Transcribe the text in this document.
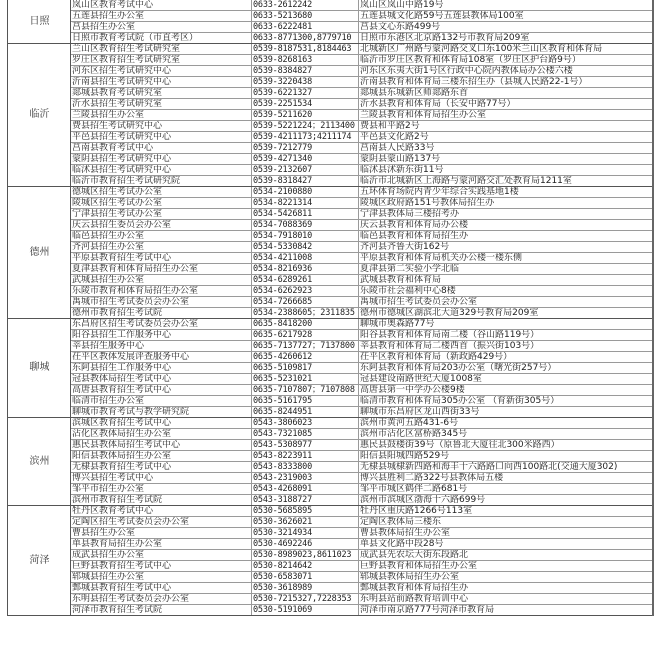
日照	岚山区教育考试中心	0633-2612242	岚山区岚山中路19号
	五莲县招生办公室	0633-5213680	五莲县城文化路59号五莲县教体局100室
	莒县招生办公室	0633-6222481	莒县文心东路499号
	日照市教育考试院（市直考区）	0633-8771300,8779710	日照市东港区北京路132号市教育局209室
临沂	兰山区教育招生考试研究室	0539-8187531,8184463	北城新区广州路与蒙河路交叉口东100米兰山区教育和体育局
	罗庄区教育招生考试研究室	0539-8268163	临沂市罗庄区教育和体育局108室（罗庄区护台路9号）
	河东区招生考试研究中心	0539-8384827	河东区东夷大街1号区行政中心院内教体局办公楼六楼
	沂南县招生考试研究中心	0539-3220438	沂南县教育和体育局三楼东招生办（县城人民路22-1号）
	郯城县教育考试研究室	0539-6221327	郯城县东城新区师郯路东首
	沂水县招生考试研究室	0539-2251534	沂水县教育和体育局（长安中路77号）
	兰陵县招生办公室	0539-5211620	兰陵县教育和体育局招生办公室
	费县招生考试研究中心	0539-5221224；2113400	费县和平路2号
	平邑县招生考试研究中心	0539-4211173;4211174	平邑县文化路2号
	莒南县教育考试中心	0539-7212779	莒南县人民路33号
	蒙阴县招生考试研究中心	0539-4271340	蒙阴县蒙山路137号
	临沭县招生考试研究中心	0539-2132607	临沭县沭新东街11号
	临沂市教育招生考试研究院	0539-8318427	临沂市北城新区上海路与蒙河路交汇处教育局1211室
德州	德城区招生考试办公室	0534-2100880	五环体育场院内青少年综合实践基地1楼
	陵城区招生考试办公室	0534-8221314	陵城区政府路151号教体局招生办
	宁津县招生考试办公室	0534-5426811	宁津县教体局三楼招考办
	庆云县招生委员会办公室	0534-7088369	庆云县教育和体育局办公楼
	临邑县招生办公室	0534-7918010	临邑县教育和体育局招生办
	齐河县招生办公室	0534-5330842	齐河县齐鲁大街162号
	平原县教育招生考试中心	0534-4211008	平原县教育和体育局机关办公楼一楼东侧
	夏津县教育和体育局招生办公室	0534-8216936	夏津县第二实验小学北临
	武城县招生办公室	0534-6289261	武城县教育和体育局
	乐陵市教育和体育局招生办公室	0534-6262923	乐陵市社会福利中心8楼
	禹城市招生考试委员会办公室	0534-7266685	禹城市招生考试委员会办公室
	德州市教育招生考试院	0534-2388605；2311835	德州市德城区湖滨北大道329号教育局209室
聊城	东昌府区招生考试委员会办公室	0635-8418200	聊城市奥森路77号
	阳谷县招生工作服务中心	0635-6217928	阳谷县教育和体育局南二楼（谷山路119号）
	莘县招生服务中心	0635-7137727；7137800	莘县教育和体育局二楼西首（振兴街103号）
	茌平区教体发展评查服务中心	0635-4260612	茌平区教育和体育局（新政路429号）
	东阿县招生工作服务中心	0635-5109817	东阿县教育和体育局203办公室（曙光街257号）
	冠县教体局招生考试中心	0635-5231021	冠县建设南路世纪大厦1008室
	高唐县教育招生考试中心	0635-7107807；7107808	高唐县第一中学办公楼9楼
	临清市招生办公室	0635-5161795	临清市教育和体育局305办公室 （育新街305号）
	聊城市教育考试与教学研究院	0635-8244951	聊城市东昌府区龙山西街33号
滨州	滨城区教育招生考试中心	0543-3806023	滨州市黄河五路431-6号
	沾化区教体局招生办公室	0543-7321085	滨州市沾化区富桥路345号
	惠民县教体局招生考试中心	0543-5308977	惠民县鼓楼街39号（原鲁北大厦往北300米路西）
	阳信县教体局招生办公室	0543-8223911	阳信县阳城四路529号
	无棣县教育招生考试中心	0543-8333800	无棣县城棣新四路和海丰十六路路口向西100路北(交通大厦302)
	博兴县招生考试中心	0543-2319003	博兴县胜利二路322号县教体局五楼
	邹平市招生办公室	0543-4268091	邹平市城区鹤伴二路681号
	滨州市教育招生考试院	0543-3188727	滨州市滨城区渤海十六路699号
菏泽	牡丹区教育考试中心	0530-5685895	牡丹区重庆路1266号113室
	定陶区招生考试委员会办公室	0530-3626021	定陶区教体局三楼东
	曹县招生办公室	0530-3214934	曹县教体局招生办公室
	单县教育局招生办公室	0530-4692246	单县文化路中段28号
	成武县招生办公室	0530-8989023,8611023	成武县先农坛大街东段路北
	巨野县教育招生考试中心	0530-8214642	巨野县教育和体局招生办公室
	郓城县招生办公室	0530-6583071	郓城县教体局招生办公室
	鄄城县教育招生考试中心	0530-3618989	鄄城县教育和体育局招生办
	东明县招生考试委员会办公室	0530-7215327,7228353	东明县站前路教育培训中心
	菏泽市教育招生考试院	0530-5191069	菏泽市南京路777号菏泽市教育局
